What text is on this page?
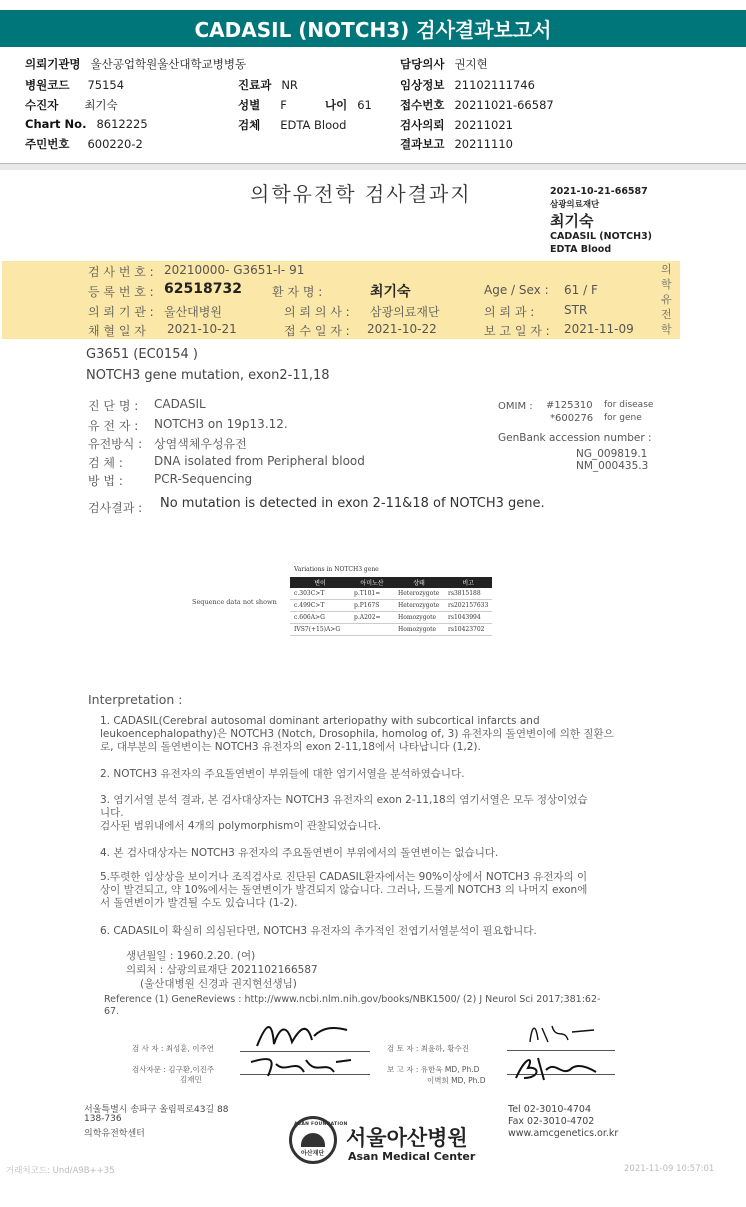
CADASIL (NOTCH3) 검사결과보고서
의뢰기관명 울산공업학원울산대학교병병동
병원코드 75154
수진자 최기숙
Chart No. 8612225
주민번호 600220-2
진료과 NR
성별 F	나이 61
검체 EDTA Blood
담당의사 권지현
임상정보 21102111746
접수번호 20211021-66587
검사의뢰 20211021
결과보고 20211110
의학유전학 검사결과지	2021-10-21-66587
삼광의료재단
최기숙
CADASIL (NOTCH3)
EDTA Blood
의학유전학
검 사 번 호 : 20210000- G3651-I- 91
등 록 번 호 : 62518732
의 뢰 기 관 : 울산대병원
채 혈 일 자 2021-10-21
환 자 명 :	최기숙
의 뢰 의 사 : 삼광의료재단
접 수 일 자 : 2021-10-22
Age / Sex : 61 / F
의 뢰 과 : STR
보 고 일 자 : 2021-11-09
G3651 (EC0154 )
NOTCH3 gene mutation, exon2-11,18
진 단 명 : CADASIL
유 전 자 : NOTCH3 on 19p13.12.
유전방식 : 상염색체우성유전
검 체 :	DNA isolated from Peripheral blood
방 법 :	PCR-Sequencing
OMIM : #125310 for disease
*600276 for gene
GenBank accession number :
NG_009819.1
NM_000435.3
검사결과 : No mutation is detected in exon 2-11&18 of NOTCH3 gene.
Variations in NOTCH3 gene
Sequence data not shown
변이	아미노산	상태	비고
c.303C>T	p.T101=	Heterozygote	rs3815188
c.499C>T	p.P167S	Heterozygote	rs202157633
c.606A>G	p.A202=	Homozygote	rs1043994
IVS7(+15)A>G		Homozygote	rs10423702
Interpretation :
1. CADASIL(Cerebral autosomal dominant arteriopathy with subcortical infarcts and
leukoencephalopathy)은 NOTCH3 (Notch, Drosophila, homolog of, 3) 유전자의 돌연변이에 의한 질환으
로, 대부분의 돌연변이는 NOTCH3 유전자의 exon 2-11,18에서 나타납니다 (1,2).
2. NOTCH3 유전자의 주요돌연변이 부위들에 대한 염기서열을 분석하였습니다.
3. 염기서열 분석 결과, 본 검사대상자는 NOTCH3 유전자의 exon 2-11,18의 염기서열은 모두 정상이었습
니다.
검사된 범위내에서 4개의 polymorphism이 관찰되었습니다.
4. 본 검사대상자는 NOTCH3 유전자의 주요돌연변이 부위에서의 돌연변이는 없습니다.
5.뚜렷한 임상상을 보이거나 조직검사로 진단된 CADASIL환자에서는 90%이상에서 NOTCH3 유전자의 이
상이 발견되고, 약 10%에서는 돌연변이가 발견되지 않습니다. 그러나, 드물게 NOTCH3 의 나머지 exon에
서 돌연변이가 발견될 수도 있습니다 (1-2).
6. CADASIL이 확실히 의심된다면, NOTCH3 유전자의 추가적인 전엽기서열분석이 필요합니다.
생년월일 : 1960.2.20. (여)
의뢰처 : 삼광의료재단 2021102166587
(울산대병원 신경과 권지현선생님)
Reference (1) GeneReviews : http://www.ncbi.nlm.nih.gov/books/NBK1500/ (2) J Neurol Sci 2017;381:62-
67.
검 사 자 : 최성훈, 이주연
검사자문 : 김구환,이진주
김재민
검 토 자 : 최윤하, 황수진
보 고 자 : 유한욱 MD, Ph.D
이벽희 MD, Ph.D
서울특별시 송파구 올림픽로43길 88
138-736
의학유전학센터
Tel 02-3010-4704
Fax 02-3010-4702
www.amcgenetics.or.kr
ASAN FOUNDATION
아산재단
서울아산병원
Asan Medical Center
거래처코드: Und/A9B++35	2021-11-09 10:57:01
